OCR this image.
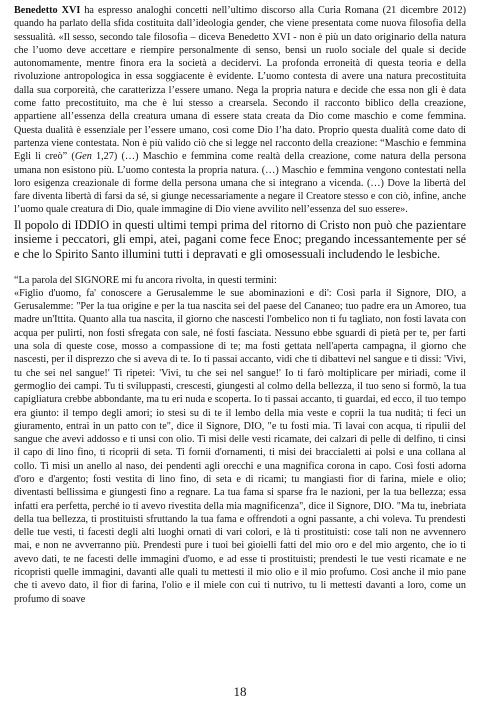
Benedetto XVI ha espresso analoghi concetti nell’ultimo discorso alla Curia Romana (21 dicembre 2012) quando ha parlato della sfida costituita dall’ideologia gender, che viene presentata come nuova filosofia della sessualità. «Il sesso, secondo tale filosofia – diceva Benedetto XVI - non è più un dato originario della natura che l’uomo deve accettare e riempire personalmente di senso, bensì un ruolo sociale del quale si decide autonomamente, mentre finora era la società a decidervi. La profonda erroneità di questa teoria e della rivoluzione antropologica in essa soggiacente è evidente. L’uomo contesta di avere una natura precostituita dalla sua corporeità, che caratterizza l’essere umano. Nega la propria natura e decide che essa non gli è data come fatto precostituito, ma che è lui stesso a crearsela. Secondo il racconto biblico della creazione, appartiene all’essenza della creatura umana di essere stata creata da Dio come maschio e come femmina. Questa dualità è essenziale per l’essere umano, così come Dio l’ha dato. Proprio questa dualità come dato di partenza viene contestata. Non è più valido ciò che si legge nel racconto della creazione: “Maschio e femmina Egli li creò” (Gen 1,27) (…) Maschio e femmina come realtà della creazione, come natura della persona umana non esistono più. L’uomo contesta la propria natura. (…) Maschio e femmina vengono contestati nella loro esigenza creazionale di forme della persona umana che si integrano a vicenda. (…) Dove la libertà del fare diventa libertà di farsi da sé, si giunge necessariamente a negare il Creatore stesso e con ciò, infine, anche l’uomo quale creatura di Dio, quale immagine di Dio viene avvilito nell’essenza del suo essere».

Il popolo di IDDIO in questi ultimi tempi prima del ritorno di Cristo non può che pazientare insieme i peccatori, gli empi, atei, pagani come fece Enoc; pregando incessantemente per sé e che lo Spirito Santo illumini tutti i depravati e gli omosessuali includendo le lesbiche.

“La parola del SIGNORE mi fu ancora rivolta, in questi termini:

«Figlio d'uomo, fa' conoscere a Gerusalemme le sue abominazioni e di': Così parla il Signore, DIO, a Gerusalemme: "Per la tua origine e per la tua nascita sei del paese del Cananeo; tuo padre era un Amoreo, tua madre un'Ittita. Quanto alla tua nascita, il giorno che nascesti l'ombelico non ti fu tagliato, non fosti lavata con acqua per pulirti, non fosti sfregata con sale, né fosti fasciata. Nessuno ebbe sguardi di pietà per te, per farti una sola di queste cose, mosso a compassione di te; ma fosti gettata nell'aperta campagna, il giorno che nascesti, per il disprezzo che si aveva di te. Io ti passai accanto, vidi che ti dibattevi nel sangue e ti dissi: 'Vivi, tu che sei nel sangue!' Ti ripetei: 'Vivi, tu che sei nel sangue!' Io ti farò moltiplicare per miriadi, come il germoglio dei campi. Tu ti sviluppasti, crescesti, giungesti al colmo della bellezza, il tuo seno si formò, la tua capigliatura crebbe abbondante, ma tu eri nuda e scoperta. Io ti passai accanto, ti guardai, ed ecco, il tuo tempo era giunto: il tempo degli amori; io stesi su di te il lembo della mia veste e coprii la tua nudità; ti feci un giuramento, entrai in un patto con te", dice il Signore, DIO, "e tu fosti mia. Ti lavai con acqua, ti ripulii del sangue che avevi addosso e ti unsi con olio. Ti misi delle vesti ricamate, dei calzari di pelle di delfino, ti cinsi il capo di lino fino, ti ricoprii di seta. Ti fornii d'ornamenti, ti misi dei braccialetti ai polsi e una collana al collo. Ti misi un anello al naso, dei pendenti agli orecchi e una magnifica corona in capo. Così fosti adorna d'oro e d'argento; fosti vestita di lino fino, di seta e di ricami; tu mangiasti fior di farina, miele e olio; diventasti bellissima e giungesti fino a regnare. La tua fama si sparse fra le nazioni, per la tua bellezza; essa infatti era perfetta, perché io ti avevo rivestita della mia magnificenza", dice il Signore, DIO. "Ma tu, inebriata della tua bellezza, ti prostituisti sfruttando la tua fama e offrendoti a ogni passante, a chi voleva. Tu prendesti delle tue vesti, ti facesti degli alti luoghi ornati di vari colori, e là ti prostituisti: cose tali non ne avvennero mai, e non ne avverranno più. Prendesti pure i tuoi bei gioielli fatti del mio oro e del mio argento, che io ti avevo dati, te ne facesti delle immagini d'uomo, e ad esse ti prostituisti; prendesti le tue vesti ricamate e ne ricopristi quelle immagini, davanti alle quali tu mettesti il mio olio e il mio profumo. Così anche il mio pane che ti avevo dato, il fior di farina, l'olio e il miele con cui ti nutrivo, tu li mettesti davanti a loro, come un profumo di soave

18
